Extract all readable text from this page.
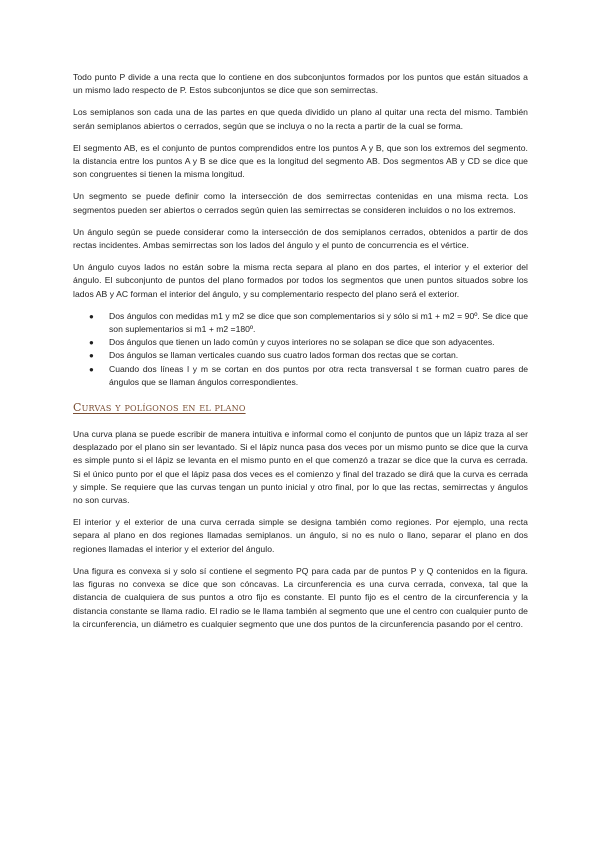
Todo punto P divide a una recta que lo contiene en dos subconjuntos formados por los puntos que están situados a un mismo lado respecto de P. Estos subconjuntos se dice que son semirrectas.

Los semiplanos son cada una de las partes en que queda dividido un plano al quitar una recta del mismo. También serán semiplanos abiertos o cerrados, según que se incluya o no la recta a partir de la cual se forma.

El segmento AB, es el conjunto de puntos comprendidos entre los puntos A y B, que son los extremos del segmento. la distancia entre los puntos A y B se dice que es la longitud del segmento AB. Dos segmentos AB y CD se dice que son congruentes si tienen la misma longitud.

Un segmento se puede definir como la intersección de dos semirrectas contenidas en una misma recta. Los segmentos pueden ser abiertos o cerrados según quien las semirrectas se consideren incluidos o no los extremos.

Un ángulo según se puede considerar como la intersección de dos semiplanos cerrados, obtenidos a partir de dos rectas incidentes. Ambas semirrectas son los lados del ángulo y el punto de concurrencia es el vértice.

Un ángulo cuyos lados no están sobre la misma recta separa al plano en dos partes, el interior y el exterior del ángulo. El subconjunto de puntos del plano formados por todos los segmentos que unen puntos situados sobre los lados AB y AC forman el interior del ángulo, y su complementario respecto del plano será el exterior.

● Dos ángulos con medidas m1 y m2 se dice que son complementarios si y sólo si m1 + m2 = 90º. Se dice que son suplementarios si m1 + m2 =180º.
● Dos ángulos que tienen un lado común y cuyos interiores no se solapan se dice que son adyacentes.
● Dos ángulos se llaman verticales cuando sus cuatro lados forman dos rectas que se cortan.
● Cuando dos líneas l y m se cortan en dos puntos por otra recta transversal t se forman cuatro pares de ángulos que se llaman ángulos correspondientes.
Curvas y polígonos en el plano

Una curva plana se puede escribir de manera intuitiva e informal como el conjunto de puntos que un lápiz traza al ser desplazado por el plano sin ser levantado. Si el lápiz nunca pasa dos veces por un mismo punto se dice que la curva es simple punto si el lápiz se levanta en el mismo punto en el que comenzó a trazar se dice que la curva es cerrada. Si el único punto por el que el lápiz pasa dos veces es el comienzo y final del trazado se dirá que la curva es cerrada y simple. Se requiere que las curvas tengan un punto inicial y otro final, por lo que las rectas, semirrectas y ángulos no son curvas.

El interior y el exterior de una curva cerrada simple se designa también como regiones. Por ejemplo, una recta separa al plano en dos regiones llamadas semiplanos. un ángulo, si no es nulo o llano, separar el plano en dos regiones llamadas el interior y el exterior del ángulo.

Una figura es convexa si y solo sí contiene el segmento PQ para cada par de puntos P y Q contenidos en la figura. las figuras no convexa se dice que son cóncavas. La circunferencia es una curva cerrada, convexa, tal que la distancia de cualquiera de sus puntos a otro fijo es constante. El punto fijo es el centro de la circunferencia y la distancia constante se llama radio. El radio se le llama también al segmento que une el centro con cualquier punto de la circunferencia, un diámetro es cualquier segmento que une dos puntos de la circunferencia pasando por el centro.
